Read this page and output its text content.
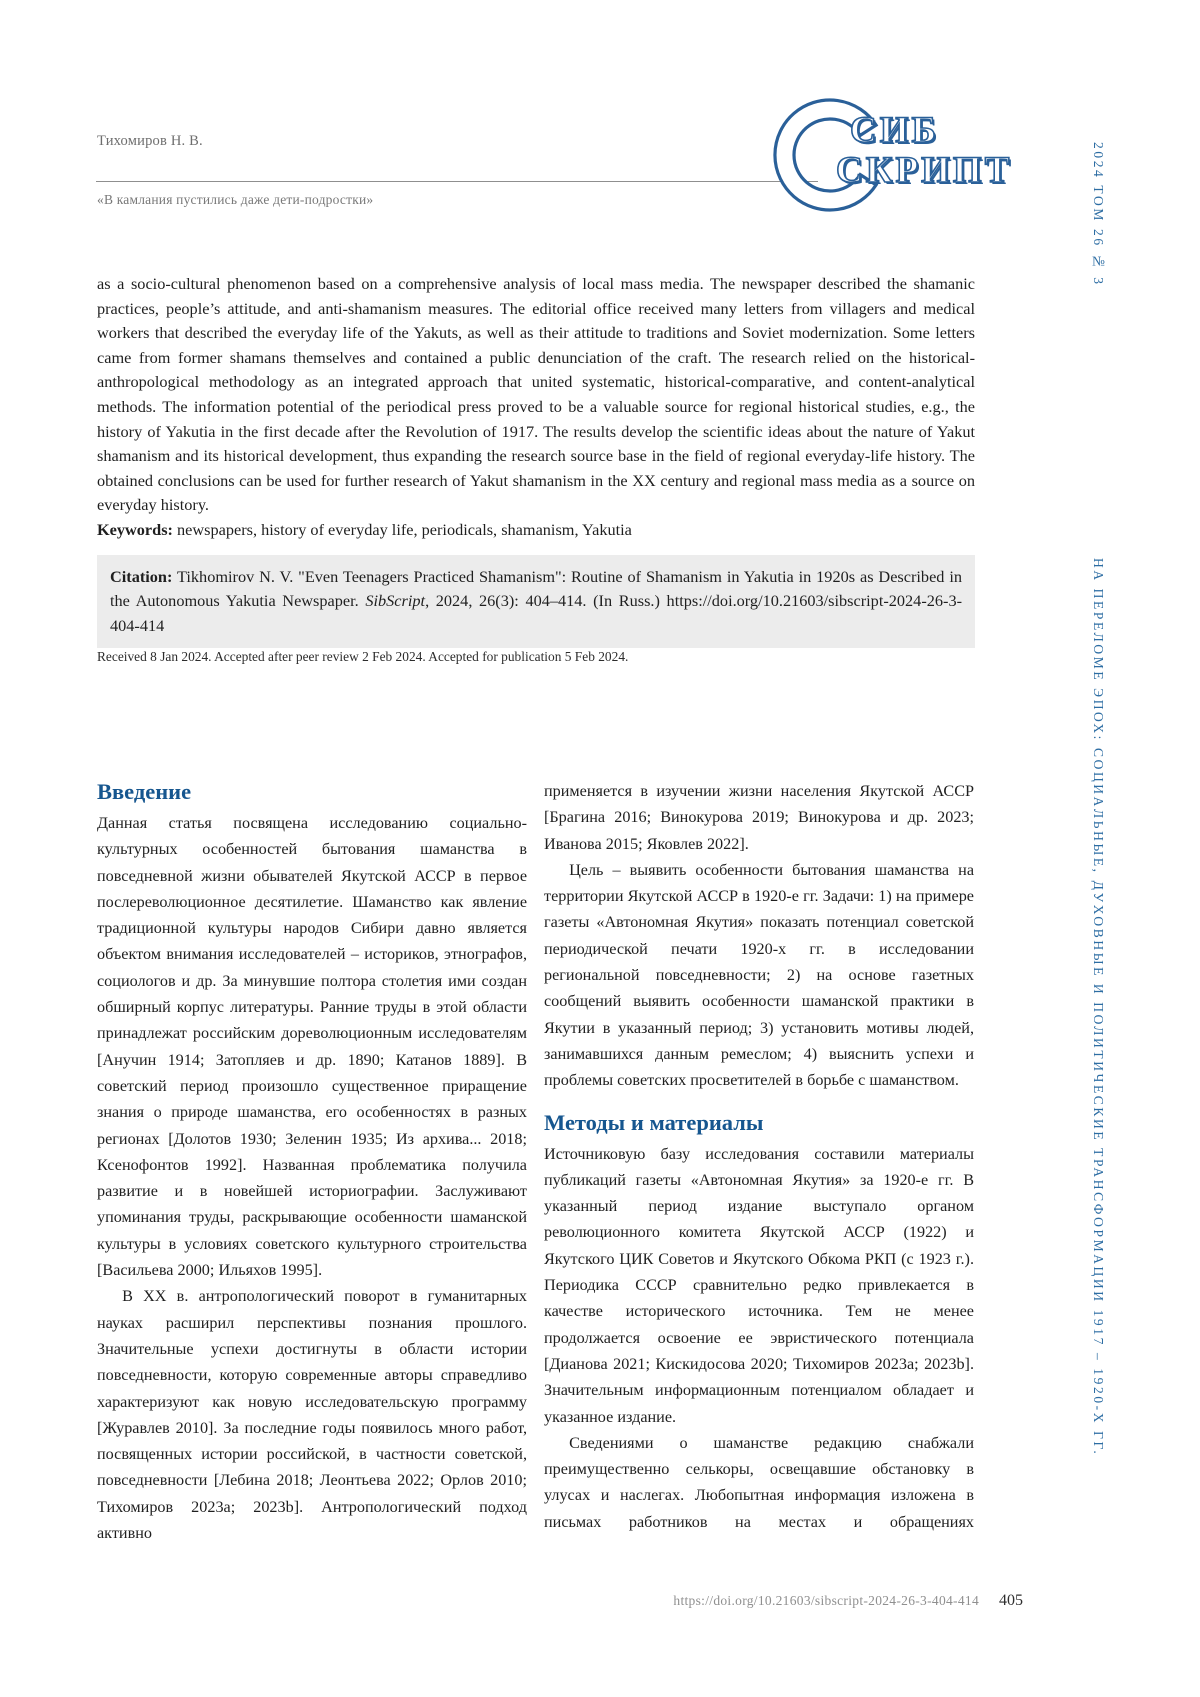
Тихомиров Н. В.
«В камлания пустились даже дети-подростки»
СИБ
СКРИПТ	2024 ТОМ 26 № 3
НА ПЕРЕЛОМЕ ЭПОХ: СОЦИАЛЬНЫЕ, ДУХОВНЫЕ И ПОЛИТИЧЕСКИЕ ТРАНСФОРМАЦИИ 1917 – 1920-Х ГГ.

as a socio-cultural phenomenon based on a comprehensive analysis of local mass media. The newspaper described the shamanic practices, people’s attitude, and anti-shamanism measures. The editorial office received many letters from villagers and medical workers that described the everyday life of the Yakuts, as well as their attitude to traditions and Soviet modernization. Some letters came from former shamans themselves and contained a public denunciation of the craft. The research relied on the historical-anthropological methodology as an integrated approach that united systematic, historical-comparative, and content-analytical methods. The information potential of the periodical press proved to be a valuable source for regional historical studies, e.g., the history of Yakutia in the first decade after the Revolution of 1917. The results develop the scientific ideas about the nature of Yakut shamanism and its historical development, thus expanding the research source base in the field of regional everyday-life history. The obtained conclusions can be used for further research of Yakut shamanism in the XX century and regional mass media as a source on everyday history.

Keywords: newspapers, history of everyday life, periodicals, shamanism, Yakutia

Citation: Tikhomirov N. V. "Even Teenagers Practiced Shamanism": Routine of Shamanism in Yakutia in 1920s as Described in the Autonomous Yakutia Newspaper. SibScript, 2024, 26(3): 404–414. (In Russ.) https://doi.org/10.21603/sibscript-2024-26-3-404-414

Received 8 Jan 2024. Accepted after peer review 2 Feb 2024. Accepted for publication 5 Feb 2024.

Введение

Данная статья посвящена исследованию социально-культурных особенностей бытования шаманства в повседневной жизни обывателей Якутской АССР в первое послереволюционное десятилетие. Шаманство как явление традиционной культуры народов Сибири давно является объектом внимания исследователей – историков, этнографов, социологов и др. За минувшие полтора столетия ими создан обширный корпус литературы. Ранние труды в этой области принадлежат российским дореволюционным исследователям [Анучин 1914; Затопляев и др. 1890; Катанов 1889]. В советский период произошло существенное приращение знания о природе шаманства, его особенностях в разных регионах [Долотов 1930; Зеленин 1935; Из архива... 2018; Ксенофонтов 1992]. Названная проблематика получила развитие и в новейшей историографии. Заслуживают упоминания труды, раскрывающие особенности шаманской культуры в условиях советского культурного строительства [Васильева 2000; Ильяхов 1995].

В XX в. антропологический поворот в гуманитарных науках расширил перспективы познания прошлого. Значительные успехи достигнуты в области истории повседневности, которую современные авторы справедливо характеризуют как новую исследовательскую программу [Журавлев 2010]. За последние годы появилось много работ, посвященных истории российской, в частности советской, повседневности [Лебина 2018; Леонтьева 2022; Орлов 2010; Тихомиров 2023a; 2023b]. Антропологический подход активно

применяется в изучении жизни населения Якутской АССР [Брагина 2016; Винокурова 2019; Винокурова и др. 2023; Иванова 2015; Яковлев 2022].

Цель – выявить особенности бытования шаманства на территории Якутской АССР в 1920-е гг. Задачи: 1) на примере газеты «Автономная Якутия» показать потенциал советской периодической печати 1920-х гг. в исследовании региональной повседневности; 2) на основе газетных сообщений выявить особенности шаманской практики в Якутии в указанный период; 3) установить мотивы людей, занимавшихся данным ремеслом; 4) выяснить успехи и проблемы советских просветителей в борьбе с шаманством.

Методы и материалы

Источниковую базу исследования составили материалы публикаций газеты «Автономная Якутия» за 1920-е гг. В указанный период издание выступало органом революционного комитета Якутской АССР (1922) и Якутского ЦИК Советов и Якутского Обкома РКП (с 1923 г.). Периодика СССР сравнительно редко привлекается в качестве исторического источника. Тем не менее продолжается освоение ее эвристического потенциала [Дианова 2021; Кискидосова 2020; Тихомиров 2023a; 2023b]. Значительным информационным потенциалом обладает и указанное издание.

Сведениями о шаманстве редакцию снабжали преимущественно селькоры, освещавшие обстановку в улусах и наслегах. Любопытная информация изложена в письмах работников на местах и обращениях

https://doi.org/10.21603/sibscript-2024-26-3-404-414 405
